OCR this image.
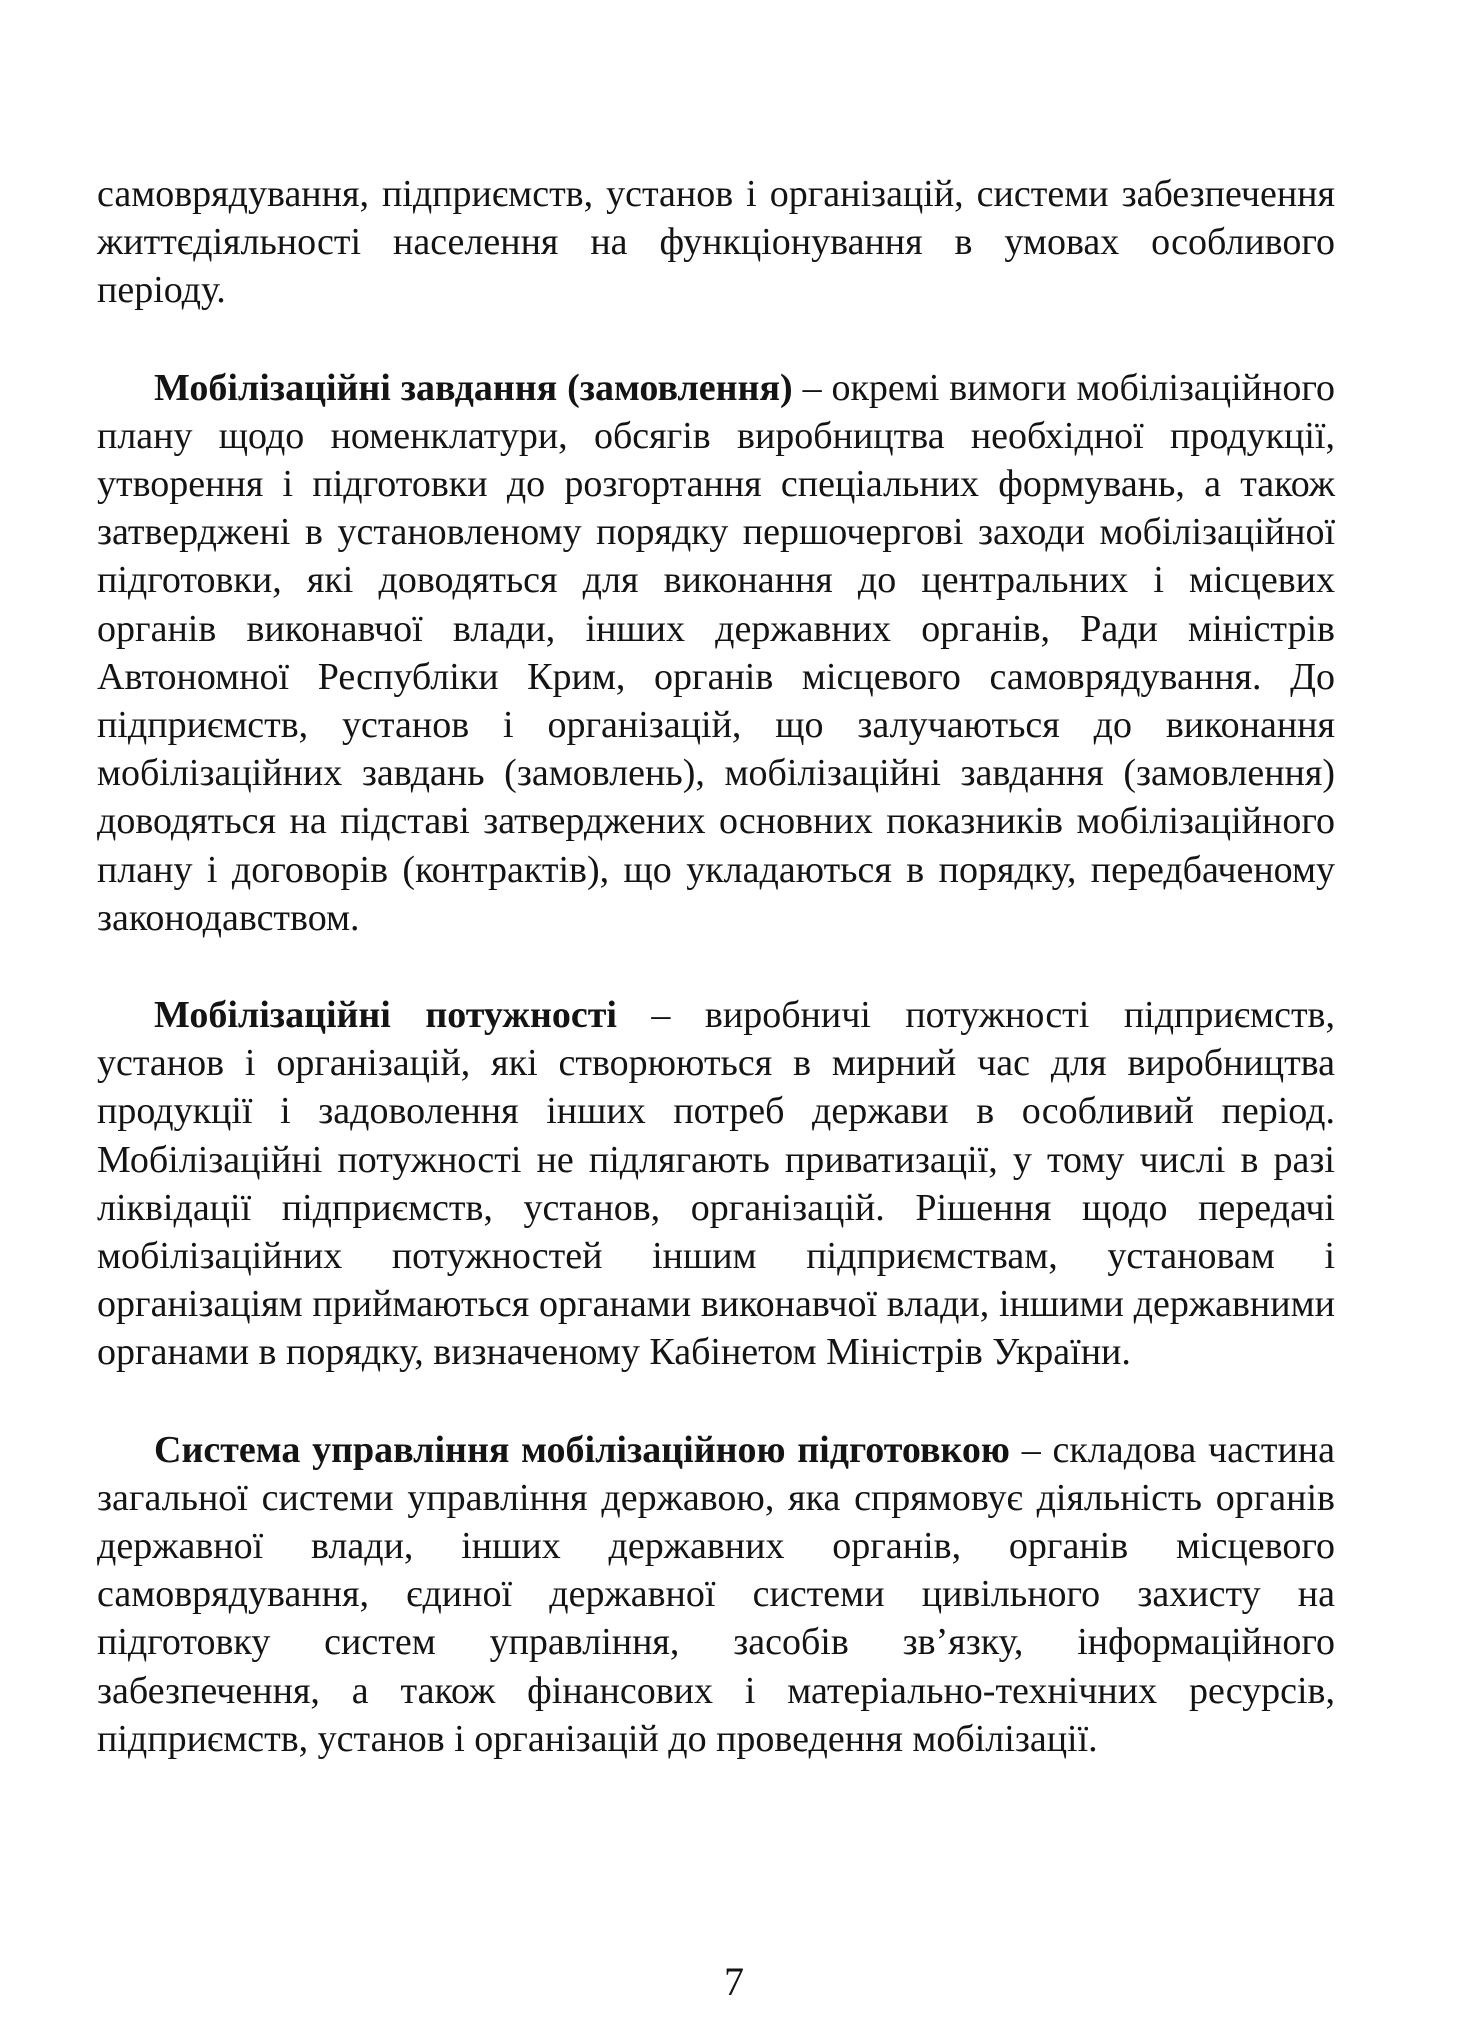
самоврядування, підприємств, установ і організацій, системи забезпечення життєдіяльності населення на функціонування в умовах особливого періоду.

Мобілізаційні завдання (замовлення) – окремі вимоги мобілізаційного плану щодо номенклатури, обсягів виробництва необхідної продукції, утворення і підготовки до розгортання спеціальних формувань, а також затверджені в установленому порядку першочергові заходи мобілізаційної підготовки, які доводяться для виконання до центральних і місцевих органів виконавчої влади, інших державних органів, Ради міністрів Автономної Республіки Крим, органів місцевого самоврядування. До підприємств, установ і організацій, що залучаються до виконання мобілізаційних завдань (замовлень), мобілізаційні завдання (замовлення) доводяться на підставі затверджених основних показників мобілізаційного плану і договорів (контрактів), що укладаються в порядку, передбаченому законодавством.

Мобілізаційні потужності – виробничі потужності підприємств, установ і організацій, які створюються в мирний час для виробництва продукції і задоволення інших потреб держави в особливий період. Мобілізаційні потужності не підлягають приватизації, у тому числі в разі ліквідації підприємств, установ, організацій. Рішення щодо передачі мобілізаційних потужностей іншим підприємствам, установам і організаціям приймаються органами виконавчої влади, іншими державними органами в порядку, визначеному Кабінетом Міністрів України.

Система управління мобілізаційною підготовкою – складова частина загальної системи управління державою, яка спрямовує діяльність органів державної влади, інших державних органів, органів місцевого самоврядування, єдиної державної системи цивільного захисту на підготовку систем управління, засобів зв’язку, інформаційного забезпечення, а також фінансових і матеріально-технічних ресурсів, підприємств, установ і організацій до проведення мобілізації.

7
